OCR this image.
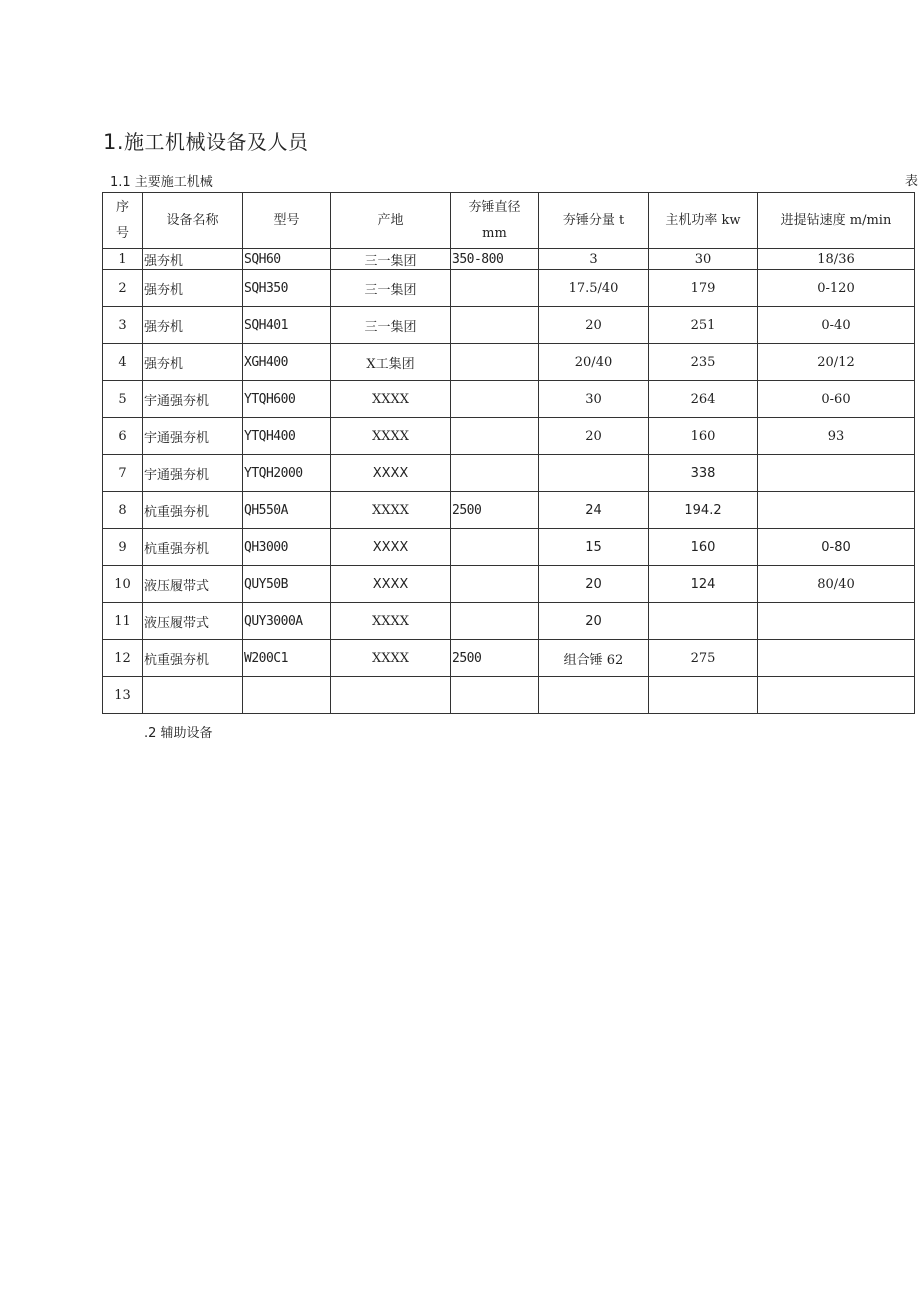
1.施工机械设备及人员
1.1 主要施工机械	表
序
号	设备名称	型号	产地	夯锤直径
mm	夯锤分量 t	主机功率 kw	进提钻速度 m/min
1	强夯机	SQH60	三一集团	350-800	3	30	18/36
2	强夯机	SQH350	三一集团		17.5/40	179	0-120
3	强夯机	SQH401	三一集团		20	251	0-40
4	强夯机	XGH400	X工集团		20/40	235	20/12
5	宇通强夯机	YTQH600	XXXX		30	264	0-60
6	宇通强夯机	YTQH400	XXXX		20	160	93
7	宇通强夯机	YTQH2000	XXXX			338	
8	杭重强夯机	QH550A	XXXX	2500	24	194.2	
9	杭重强夯机	QH3000	XXXX		15	160	0-80
10	液压履带式	QUY50B	XXXX		20	124	80/40
11	液压履带式	QUY3000A	XXXX		20		
12	杭重强夯机	W200C1	XXXX	2500	组合锤 62	275	
13							
.2 辅助设备
